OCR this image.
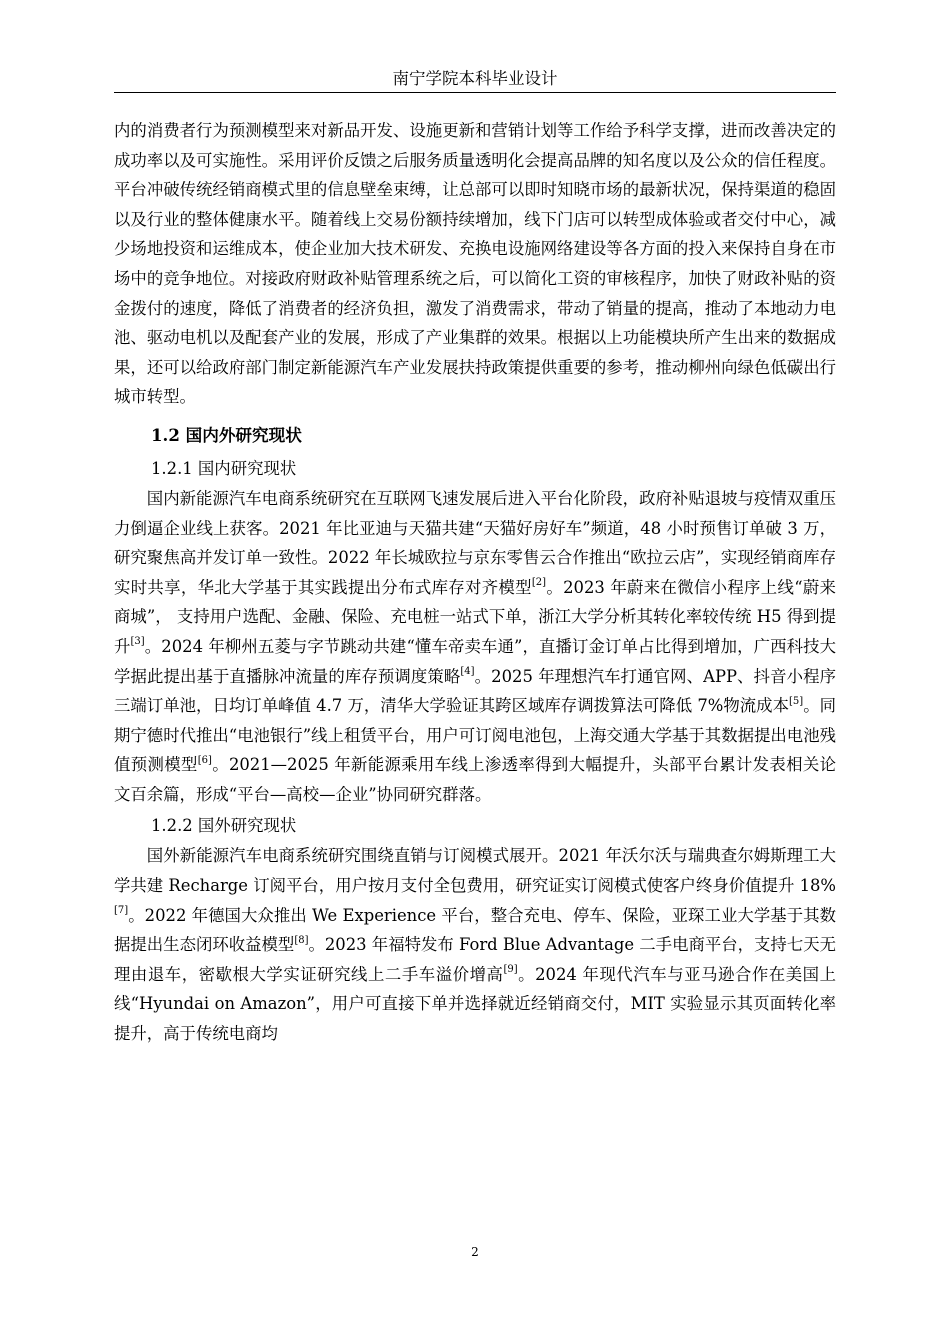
南宁学院本科毕业设计

内的消费者行为预测模型来对新品开发、设施更新和营销计划等工作给予科学支撑，进而改善决定的成功率以及可实施性。采用评价反馈之后服务质量透明化会提高品牌的知名度以及公众的信任程度。平台冲破传统经销商模式里的信息壁垒束缚，让总部可以即时知晓市场的最新状况，保持渠道的稳固以及行业的整体健康水平。随着线上交易份额持续增加，线下门店可以转型成体验或者交付中心，减少场地投资和运维成本，使企业加大技术研发、充换电设施网络建设等各方面的投入来保持自身在市场中的竞争地位。对接政府财政补贴管理系统之后，可以简化工资的审核程序，加快了财政补贴的资金拨付的速度，降低了消费者的经济负担，激发了消费需求，带动了销量的提高，推动了本地动力电池、驱动电机以及配套产业的发展，形成了产业集群的效果。根据以上功能模块所产生出来的数据成果，还可以给政府部门制定新能源汽车产业发展扶持政策提供重要的参考，推动柳州向绿色低碳出行城市转型。

1.2 国内外研究现状
1.2.1 国内研究现状

国内新能源汽车电商系统研究在互联网飞速发展后进入平台化阶段，政府补贴退坡与疫情双重压力倒逼企业线上获客。2021 年比亚迪与天猫共建“天猫好房好车”频道，48 小时预售订单破 3 万，研究聚焦高并发订单一致性。2022 年长城欧拉与京东零售云合作推出“欧拉云店”，实现经销商库存实时共享，华北大学基于其实践提出分布式库存对齐模型[2]。2023 年蔚来在微信小程序上线“蔚来商城”， 支持用户选配、金融、保险、充电桩一站式下单，浙江大学分析其转化率较传统 H5 得到提升[3]。2024 年柳州五菱与字节跳动共建“懂车帝卖车通”，直播订金订单占比得到增加，广西科技大学据此提出基于直播脉冲流量的库存预调度策略[4]。2025 年理想汽车打通官网、APP、抖音小程序三端订单池，日均订单峰值 4.7 万，清华大学验证其跨区域库存调拨算法可降低 7%物流成本[5]。同期宁德时代推出“电池银行”线上租赁平台，用户可订阅电池包，上海交通大学基于其数据提出电池残值预测模型[6]。2021—2025 年新能源乘用车线上渗透率得到大幅提升，头部平台累计发表相关论文百余篇，形成“平台—高校—企业”协同研究群落。

1.2.2 国外研究现状

国外新能源汽车电商系统研究围绕直销与订阅模式展开。2021 年沃尔沃与瑞典查尔姆斯理工大学共建 Recharge 订阅平台，用户按月支付全包费用，研究证实订阅模式使客户终身价值提升 18%[7]。2022 年德国大众推出 We Experience 平台，整合充电、停车、保险，亚琛工业大学基于其数据提出生态闭环收益模型[8]。2023 年福特发布 Ford Blue Advantage 二手电商平台，支持七天无理由退车，密歇根大学实证研究线上二手车溢价增高[9]。2024 年现代汽车与亚马逊合作在美国上线“Hyundai on Amazon”，用户可直接下单并选择就近经销商交付，MIT 实验显示其页面转化率提升，高于传统电商均

2
